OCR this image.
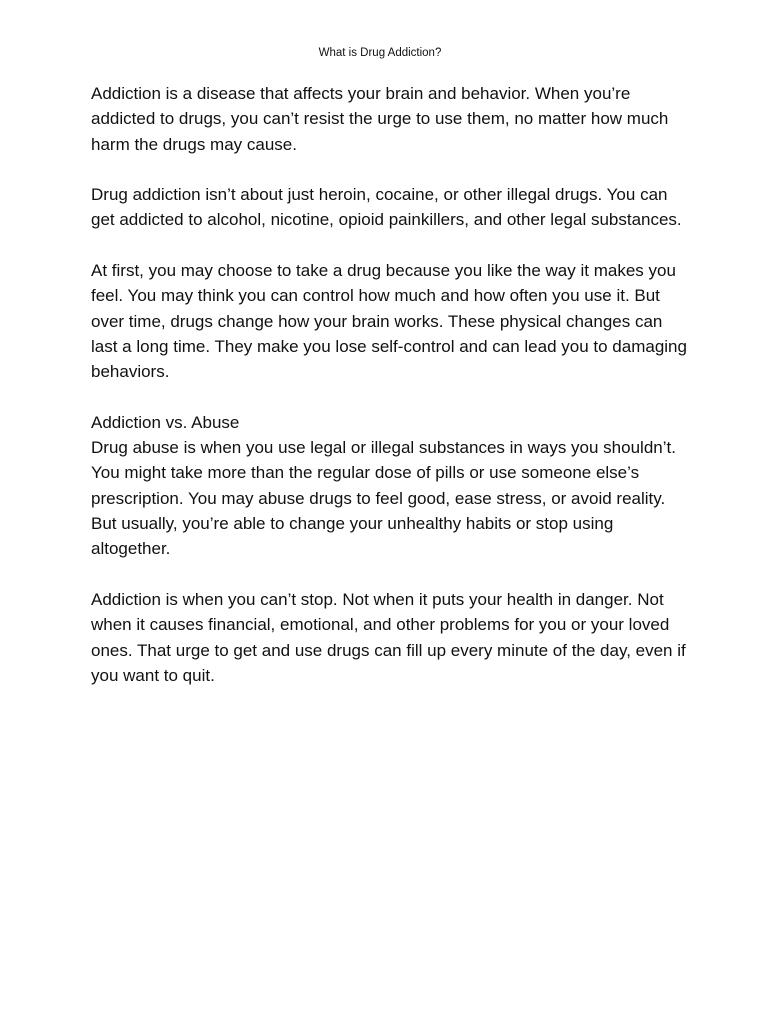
What is Drug Addiction?

Addiction is a disease that affects your brain and behavior. When you’re addicted to drugs, you can’t resist the urge to use them, no matter how much harm the drugs may cause.

Drug addiction isn’t about just heroin, cocaine, or other illegal drugs. You can get addicted to alcohol, nicotine, opioid painkillers, and other legal substances.

At first, you may choose to take a drug because you like the way it makes you feel. You may think you can control how much and how often you use it. But over time, drugs change how your brain works. These physical changes can last a long time. They make you lose self-control and can lead you to damaging behaviors.

Addiction vs. Abuse

Drug abuse is when you use legal or illegal substances in ways you shouldn’t. You might take more than the regular dose of pills or use someone else’s prescription. You may abuse drugs to feel good, ease stress, or avoid reality. But usually, you’re able to change your unhealthy habits or stop using altogether.

Addiction is when you can’t stop. Not when it puts your health in danger. Not when it causes financial, emotional, and other problems for you or your loved ones. That urge to get and use drugs can fill up every minute of the day, even if you want to quit.
